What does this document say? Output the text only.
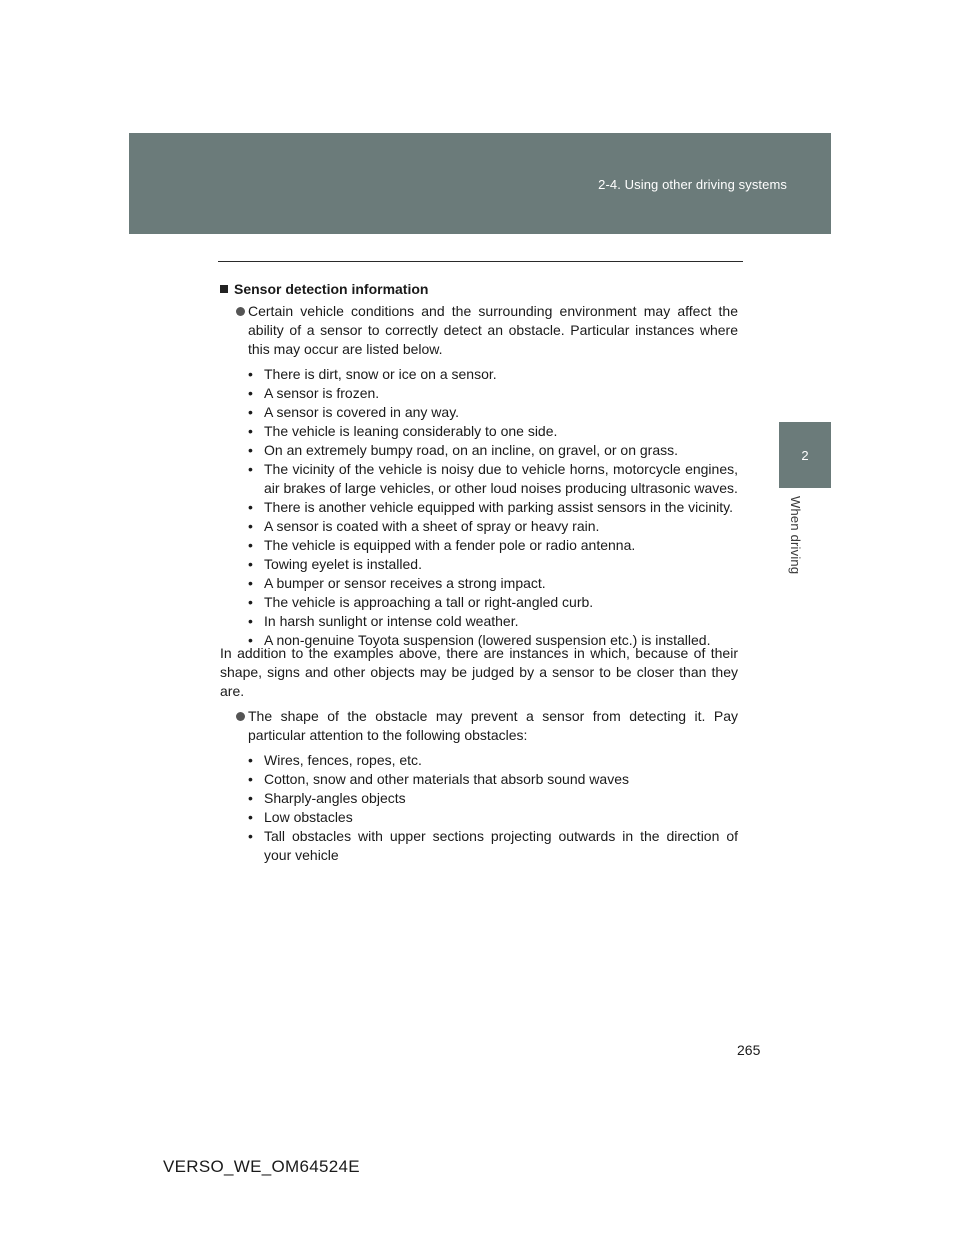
2-4. Using other driving systems
2
When driving
Sensor detection information
Certain vehicle conditions and the surrounding environment may affect the ability of a sensor to correctly detect an obstacle. Particular instances where this may occur are listed below.
• There is dirt, snow or ice on a sensor.
• A sensor is frozen.
• A sensor is covered in any way.
• The vehicle is leaning considerably to one side.
• On an extremely bumpy road, on an incline, on gravel, or on grass.
• The vicinity of the vehicle is noisy due to vehicle horns, motorcycle engines, air brakes of large vehicles, or other loud noises producing ultrasonic waves.
• There is another vehicle equipped with parking assist sensors in the vicinity.
• A sensor is coated with a sheet of spray or heavy rain.
• The vehicle is equipped with a fender pole or radio antenna.
• Towing eyelet is installed.
• A bumper or sensor receives a strong impact.
• The vehicle is approaching a tall or right-angled curb.
• In harsh sunlight or intense cold weather.
• A non-genuine Toyota suspension (lowered suspension etc.) is installed.
In addition to the examples above, there are instances in which, because of their shape, signs and other objects may be judged by a sensor to be closer than they are.
The shape of the obstacle may prevent a sensor from detecting it. Pay particular attention to the following obstacles:
• Wires, fences, ropes, etc.
• Cotton, snow and other materials that absorb sound waves
• Sharply-angles objects
• Low obstacles
• Tall obstacles with upper sections projecting outwards in the direction of your vehicle
265
VERSO_WE_OM64524E
